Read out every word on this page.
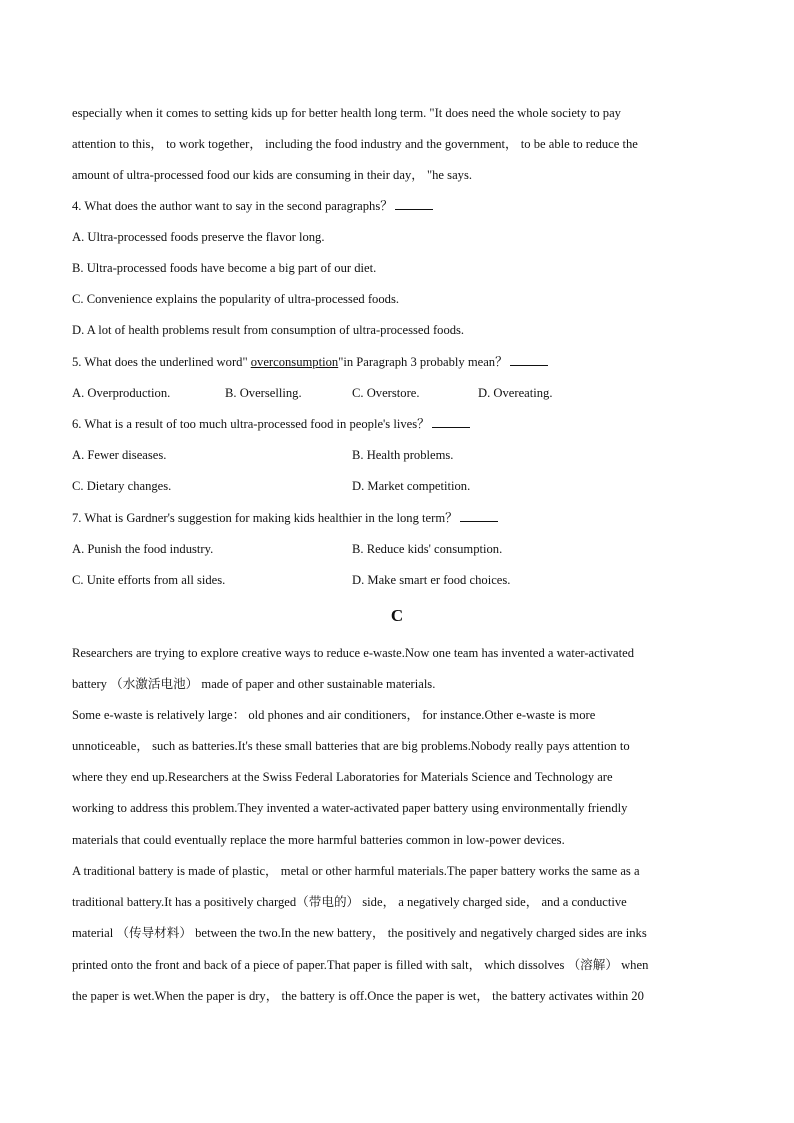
especially when it comes to setting kids up for better health long term. "It does need the whole society to pay
attention to this， to work together， including the food industry and the government， to be able to reduce the
amount of ultra-processed food our kids are consuming in their day， "he says.
4. What does the author want to say in the second paragraphs？
A. Ultra-processed foods preserve the flavor long.
B. Ultra-processed foods have become a big part of our diet.
C. Convenience explains the popularity of ultra-processed foods.
D. A lot of health problems result from consumption of ultra-processed foods.
5. What does the underlined word" overconsumption"in Paragraph 3 probably mean？
A. Overproduction.	B. Overselling.	C. Overstore.	D. Overeating.
6. What is a result of too much ultra-processed food in people's lives？
A. Fewer diseases.	B. Health problems.
C. Dietary changes.	D. Market competition.
7. What is Gardner's suggestion for making kids healthier in the long term？
A. Punish the food industry.	B. Reduce kids' consumption.
C. Unite efforts from all sides.	D. Make smart er food choices.
C
Researchers are trying to explore creative ways to reduce e-waste.Now one team has invented a water-activated
battery （水激活电池） made of paper and other sustainable materials.
Some e-waste is relatively large： old phones and air conditioners， for instance.Other e-waste is more
unnoticeable， such as batteries.It's these small batteries that are big problems.Nobody really pays attention to
where they end up.Researchers at the Swiss Federal Laboratories for Materials Science and Technology are
working to address this problem.They invented a water-activated paper battery using environmentally friendly
materials that could eventually replace the more harmful batteries common in low-power devices.
A traditional battery is made of plastic， metal or other harmful materials.The paper battery works the same as a
traditional battery.It has a positively charged（带电的） side， a negatively charged side， and a conductive
material （传导材料） between the two.In the new battery， the positively and negatively charged sides are inks
printed onto the front and back of a piece of paper.That paper is filled with salt， which dissolves （溶解） when
the paper is wet.When the paper is dry， the battery is off.Once the paper is wet， the battery activates within 20
